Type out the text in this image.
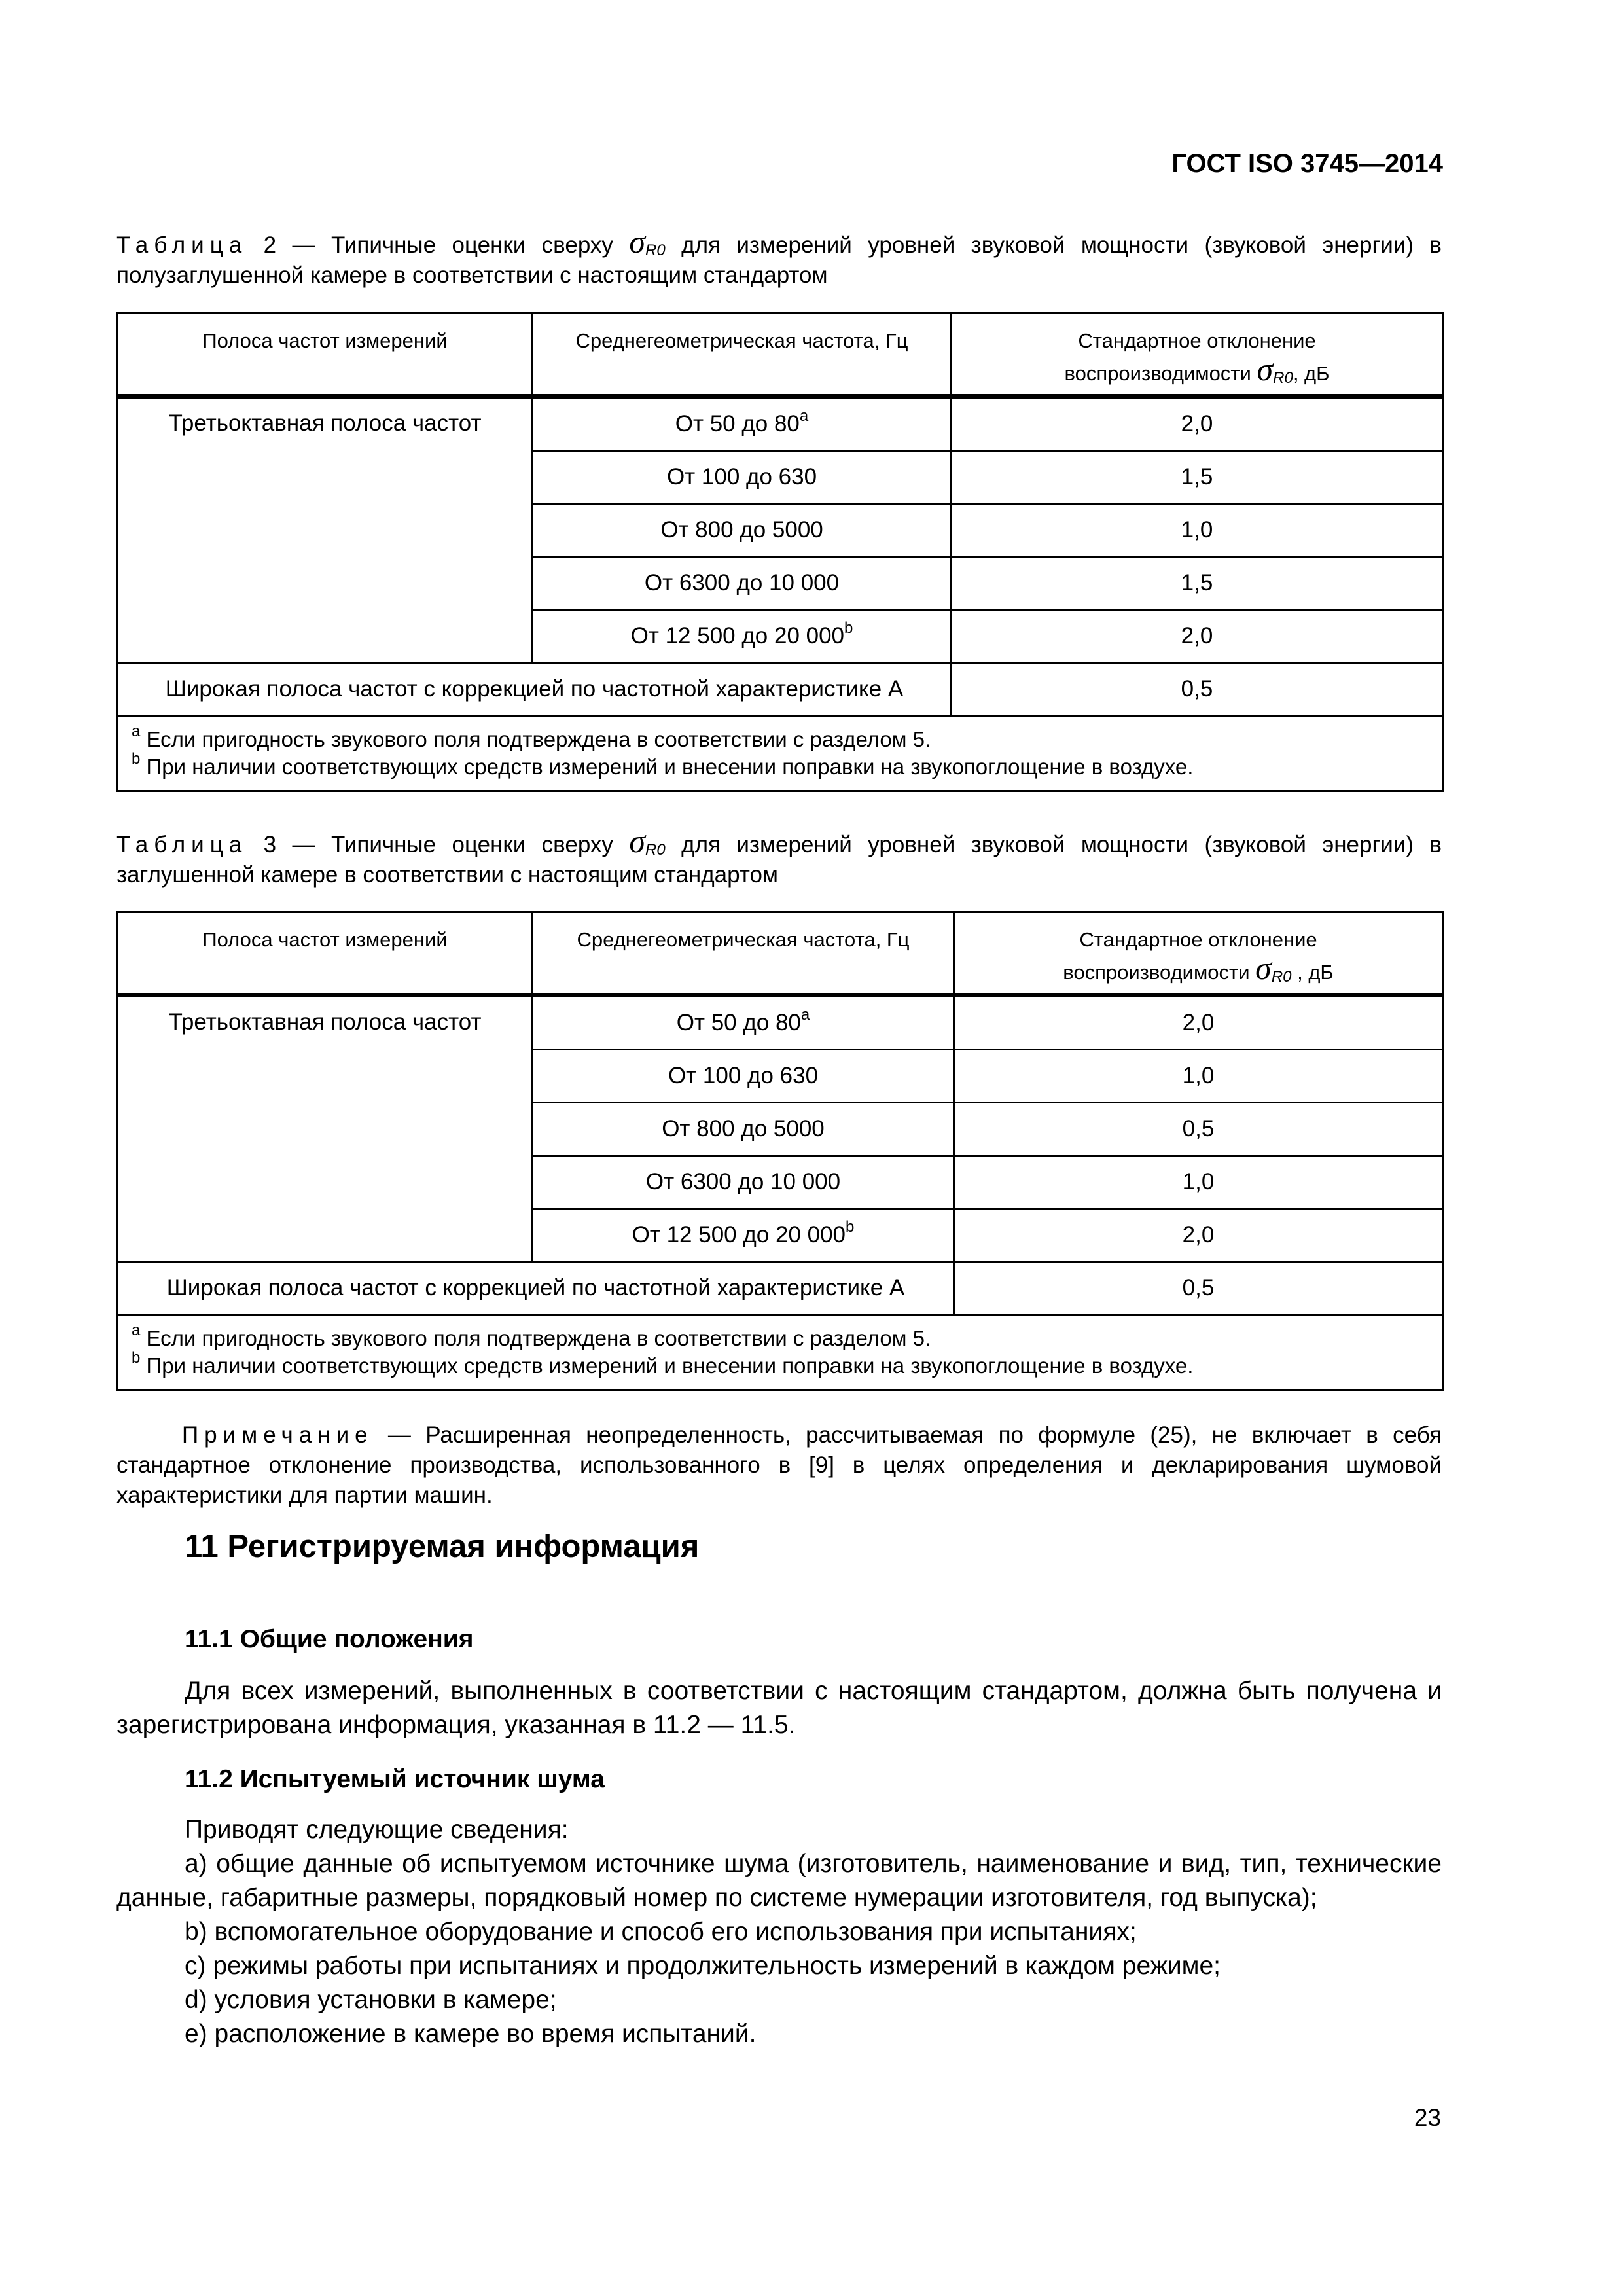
ГОСТ ISO 3745—2014
Таблица 2 — Типичные оценки сверху σR0 для измерений уровней звуковой мощности (звуковой энергии) в полузаглушенной камере в соответствии с настоящим стандартом
Полоса частот измерений	Среднегеометрическая частота, Гц	Стандартное отклонение
воспроизводимости σR0, дБ
Третьоктавная полоса частот	От 50 до 80$^a$	2,0
	От 100 до 630	1,5
	От 800 до 5000	1,0
	От 6300 до 10 000	1,5
	От 12 500 до 20 000$^b$	2,0
Широкая полоса частот с коррекцией по частотной характеристике А		0,5
$^a$ Если пригодность звукового поля подтверждена в соответствии с разделом 5.
$^b$ При наличии соответствующих средств измерений и внесении поправки на звукопоглощение в воздухе.		
Таблица 3 — Типичные оценки сверху σR0 для измерений уровней звуковой мощности (звуковой энергии) в заглушенной камере в соответствии с настоящим стандартом
Полоса частот измерений	Среднегеометрическая частота, Гц	Стандартное отклонение
воспроизводимости σR0 , дБ
Третьоктавная полоса частот	От 50 до 80$^a$	2,0
	От 100 до 630	1,0
	От 800 до 5000	0,5
	От 6300 до 10 000	1,0
	От 12 500 до 20 000$^b$	2,0
Широкая полоса частот с коррекцией по частотной характеристике А		0,5
$^a$ Если пригодность звукового поля подтверждена в соответствии с разделом 5.
$^b$ При наличии соответствующих средств измерений и внесении поправки на звукопоглощение в воздухе.		
Примечание — Расширенная неопределенность, рассчитываемая по формуле (25), не включает в себя стандартное отклонение производства, использованного в [9] в целях определения и декларирования шумовой характеристики для партии машин.
11 Регистрируемая информация
11.1 Общие положения

Для всех измерений, выполненных в соответствии с настоящим стандартом, должна быть получена и зарегистрирована информация, указанная в 11.2 — 11.5.

11.2 Испытуемый источник шума

Приводят следующие сведения:

а) общие данные об испытуемом источнике шума (изготовитель, наименование и вид, тип, технические данные, габаритные размеры, порядковый номер по системе нумерации изготовителя, год выпуска);

b) вспомогательное оборудование и способ его использования при испытаниях;

c) режимы работы при испытаниях и продолжительность измерений в каждом режиме;

d) условия установки в камере;

е) расположение в камере во время испытаний.

23
